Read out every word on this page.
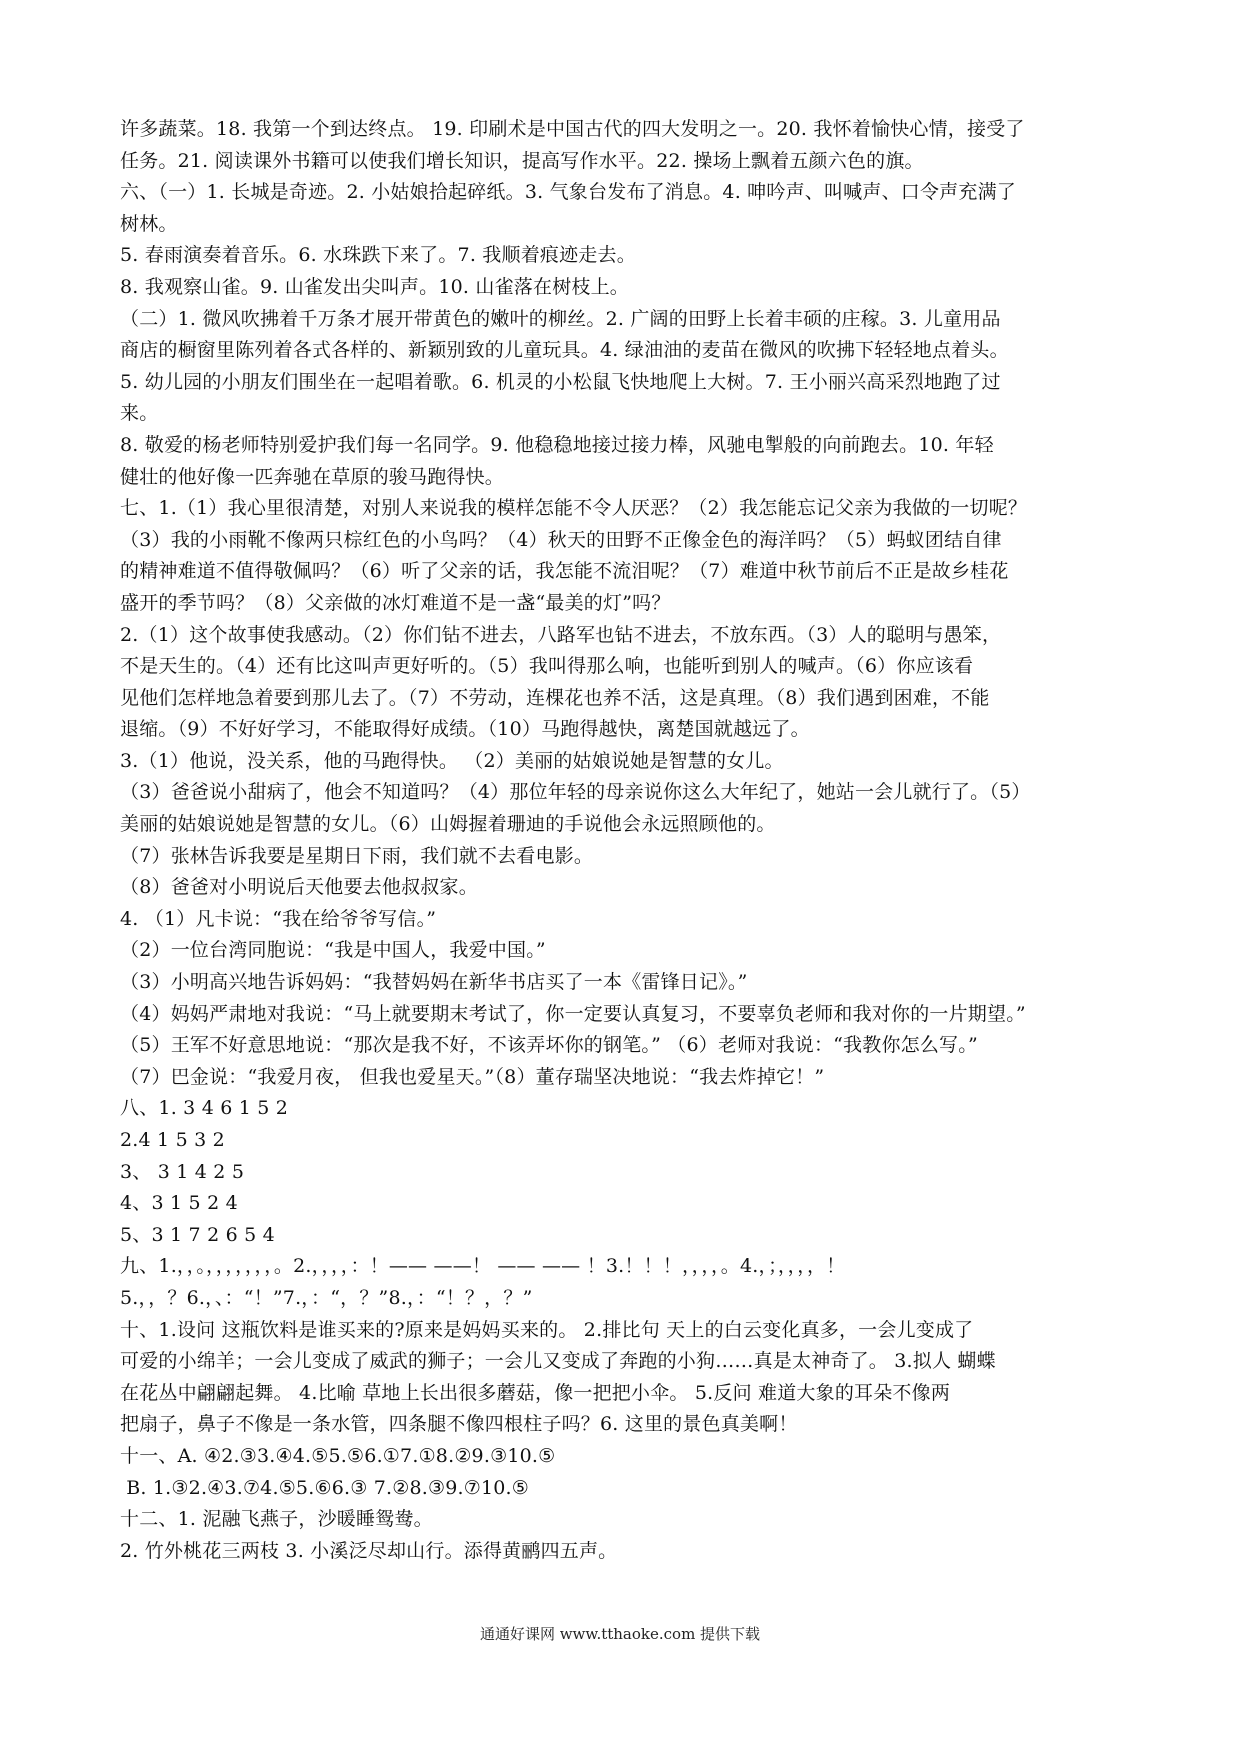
许多蔬菜。18. 我第一个到达终点。 19. 印刷术是中国古代的四大发明之一。20. 我怀着愉快心情，接受了

任务。21. 阅读课外书籍可以使我们增长知识，提高写作水平。22. 操场上飘着五颜六色的旗。

六、（一）1. 长城是奇迹。2. 小姑娘拾起碎纸。3. 气象台发布了消息。4. 呻吟声、叫喊声、口令声充满了

树林。

5. 春雨演奏着音乐。6. 水珠跌下来了。7. 我顺着痕迹走去。

8. 我观察山雀。9. 山雀发出尖叫声。10. 山雀落在树枝上。

（二）1. 微风吹拂着千万条才展开带黄色的嫩叶的柳丝。2. 广阔的田野上长着丰硕的庄稼。3. 儿童用品

商店的橱窗里陈列着各式各样的、新颖别致的儿童玩具。4. 绿油油的麦苗在微风的吹拂下轻轻地点着头。

5. 幼儿园的小朋友们围坐在一起唱着歌。6. 机灵的小松鼠飞快地爬上大树。7. 王小丽兴高采烈地跑了过

来。

8. 敬爱的杨老师特别爱护我们每一名同学。9. 他稳稳地接过接力棒，风驰电掣般的向前跑去。10. 年轻

健壮的他好像一匹奔驰在草原的骏马跑得快。

七、1.（1）我心里很清楚，对别人来说我的模样怎能不令人厌恶？（2）我怎能忘记父亲为我做的一切呢？

（3）我的小雨靴不像两只棕红色的小鸟吗？（4）秋天的田野不正像金色的海洋吗？（5）蚂蚁团结自律

的精神难道不值得敬佩吗？（6）听了父亲的话，我怎能不流泪呢？（7）难道中秋节前后不正是故乡桂花

盛开的季节吗？（8）父亲做的冰灯难道不是一盏“最美的灯”吗？

2.（1）这个故事使我感动。（2）你们钻不进去，八路军也钻不进去，不放东西。（3）人的聪明与愚笨，

不是天生的。（4）还有比这叫声更好听的。（5）我叫得那么响，也能听到别人的喊声。（6）你应该看

见他们怎样地急着要到那儿去了。（7）不劳动，连棵花也养不活，这是真理。（8）我们遇到困难，不能

退缩。（9）不好好学习，不能取得好成绩。（10）马跑得越快，离楚国就越远了。

3.（1）他说，没关系，他的马跑得快。 （2）美丽的姑娘说她是智慧的女儿。

（3）爸爸说小甜病了，他会不知道吗？（4）那位年轻的母亲说你这么大年纪了，她站一会儿就行了。（5）

美丽的姑娘说她是智慧的女儿。（6）山姆握着珊迪的手说他会永远照顾他的。

（7）张林告诉我要是星期日下雨，我们就不去看电影。

（8）爸爸对小明说后天他要去他叔叔家。

4. （1）凡卡说：“我在给爷爷写信。”

（2）一位台湾同胞说：“我是中国人，我爱中国。”

（3）小明高兴地告诉妈妈：“我替妈妈在新华书店买了一本《雷锋日记》。”

（4）妈妈严肃地对我说：“马上就要期末考试了，你一定要认真复习，不要辜负老师和我对你的一片期望。”

（5）王军不好意思地说：“那次是我不好，不该弄坏你的钢笔。” （6）老师对我说：“我教你怎么写。”

（7）巴金说：“我爱月夜， 但我也爱星天。”（8）董存瑞坚决地说：“我去炸掉它！”

八、1. 3 4 6 1 5 2

2.4 1 5 3 2

3、 3 1 4 2 5

4、3 1 5 2 4

5、3 1 7 2 6 5 4

九、1.，，。，，，，，，，。2.，，，，：！—— ——！ —— —— ！3.！！！，，，，。4.，；，，，，！

5.，，？6.，、：“！”7.，：“，？”8.，：“！？，？”

十、1.设问 这瓶饮料是谁买来的?原来是妈妈买来的。 2.排比句 天上的白云变化真多，一会儿变成了

可爱的小绵羊；一会儿变成了威武的狮子；一会儿又变成了奔跑的小狗……真是太神奇了。 3.拟人 蝴蝶

在花丛中翩翩起舞。 4.比喻 草地上长出很多蘑菇，像一把把小伞。 5.反问 难道大象的耳朵不像两

把扇子，鼻子不像是一条水管，四条腿不像四根柱子吗？6. 这里的景色真美啊！

十一、A. ④2.③3.④4.⑤5.⑤6.①7.①8.②9.③10.⑤

B. 1.③2.④3.⑦4.⑤5.⑥6.③ 7.②8.③9.⑦10.⑤

十二、1. 泥融飞燕子，沙暖睡鸳鸯。

2. 竹外桃花三两枝 3. 小溪泛尽却山行。添得黄鹂四五声。

通通好课网 www.tthaoke.com 提供下载
